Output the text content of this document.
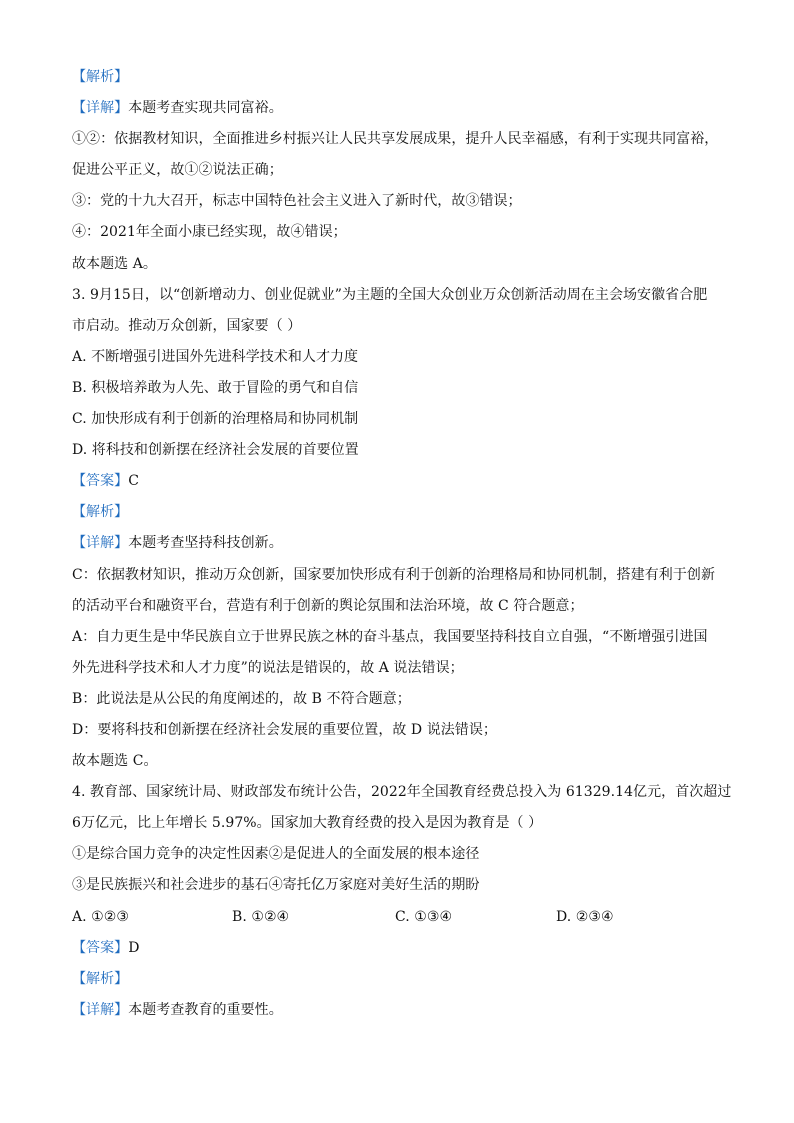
【解析】
【详解】本题考查实现共同富裕。
①②：依据教材知识，全面推进乡村振兴让人民共享发展成果，提升人民幸福感，有利于实现共同富裕，
促进公平正义，故①②说法正确；
③：党的十九大召开，标志中国特色社会主义进入了新时代，故③错误；
④：2021年全面小康已经实现，故④错误；
故本题选 A。
3. 9月15日，以“创新增动力、创业促就业”为主题的全国大众创业万众创新活动周在主会场安徽省合肥
市启动。推动万众创新，国家要（ ）
A. 不断增强引进国外先进科学技术和人才力度
B. 积极培养敢为人先、敢于冒险的勇气和自信
C. 加快形成有利于创新的治理格局和协同机制
D. 将科技和创新摆在经济社会发展的首要位置
【答案】C
【解析】
【详解】本题考查坚持科技创新。
C：依据教材知识，推动万众创新，国家要加快形成有利于创新的治理格局和协同机制，搭建有利于创新
的活动平台和融资平台，营造有利于创新的舆论氛围和法治环境，故 C 符合题意；
A：自力更生是中华民族自立于世界民族之林的奋斗基点，我国要坚持科技自立自强，“不断增强引进国
外先进科学技术和人才力度”的说法是错误的，故 A 说法错误；
B：此说法是从公民的角度阐述的，故 B 不符合题意；
D：要将科技和创新摆在经济社会发展的重要位置，故 D 说法错误；
故本题选 C。
4. 教育部、国家统计局、财政部发布统计公告，2022年全国教育经费总投入为 61329.14亿元，首次超过
6万亿元，比上年增长 5.97%。国家加大教育经费的投入是因为教育是（ ）
①是综合国力竞争的决定性因素②是促进人的全面发展的根本途径
③是民族振兴和社会进步的基石④寄托亿万家庭对美好生活的期盼
A. ①②③	B. ①②④	C. ①③④	D. ②③④
【答案】D
【解析】
【详解】本题考查教育的重要性。
